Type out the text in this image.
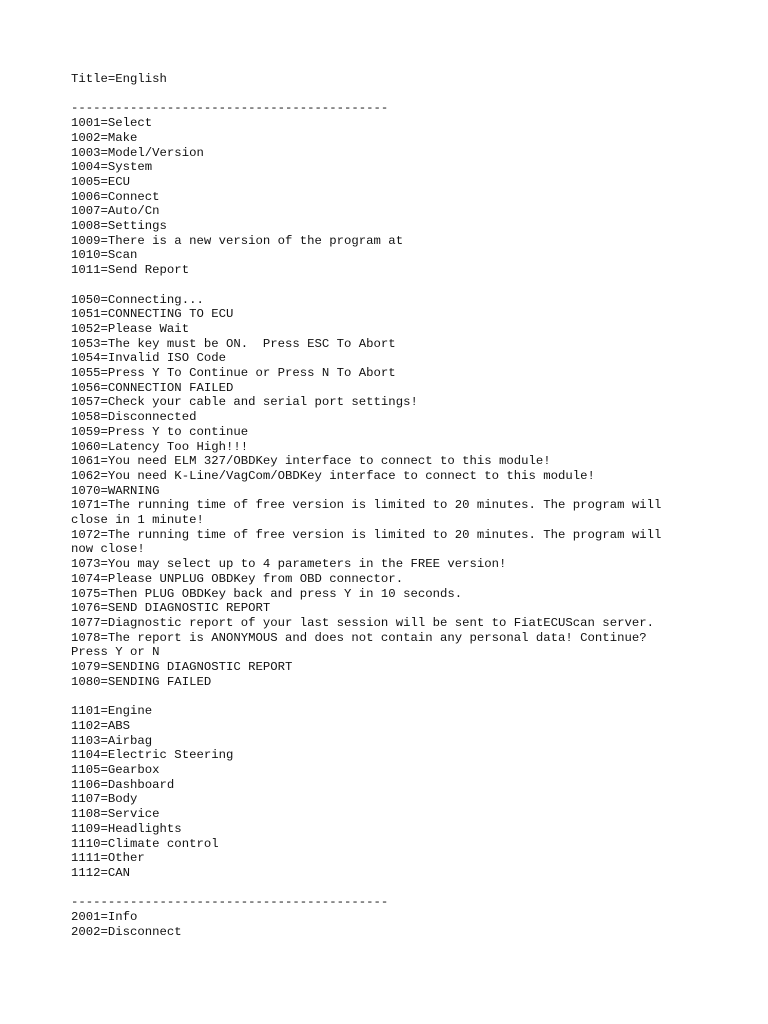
Title=English
-------------------------------------------
1001=Select
1002=Make
1003=Model/Version
1004=System
1005=ECU
1006=Connect
1007=Auto/Cn
1008=Settings
1009=There is a new version of the program at
1010=Scan
1011=Send Report
1050=Connecting...
1051=CONNECTING TO ECU
1052=Please Wait
1053=The key must be ON.  Press ESC To Abort
1054=Invalid ISO Code
1055=Press Y To Continue or Press N To Abort
1056=CONNECTION FAILED
1057=Check your cable and serial port settings!
1058=Disconnected
1059=Press Y to continue
1060=Latency Too High!!!
1061=You need ELM 327/OBDKey interface to connect to this module!
1062=You need K-Line/VagCom/OBDKey interface to connect to this module!
1070=WARNING
1071=The running time of free version is limited to 20 minutes. The program will
close in 1 minute!
1072=The running time of free version is limited to 20 minutes. The program will
now close!
1073=You may select up to 4 parameters in the FREE version!
1074=Please UNPLUG OBDKey from OBD connector.
1075=Then PLUG OBDKey back and press Y in 10 seconds.
1076=SEND DIAGNOSTIC REPORT
1077=Diagnostic report of your last session will be sent to FiatECUScan server.
1078=The report is ANONYMOUS and does not contain any personal data! Continue?
Press Y or N
1079=SENDING DIAGNOSTIC REPORT
1080=SENDING FAILED
1101=Engine
1102=ABS
1103=Airbag
1104=Electric Steering
1105=Gearbox
1106=Dashboard
1107=Body
1108=Service
1109=Headlights
1110=Climate control
1111=Other
1112=CAN
-------------------------------------------
2001=Info
2002=Disconnect
